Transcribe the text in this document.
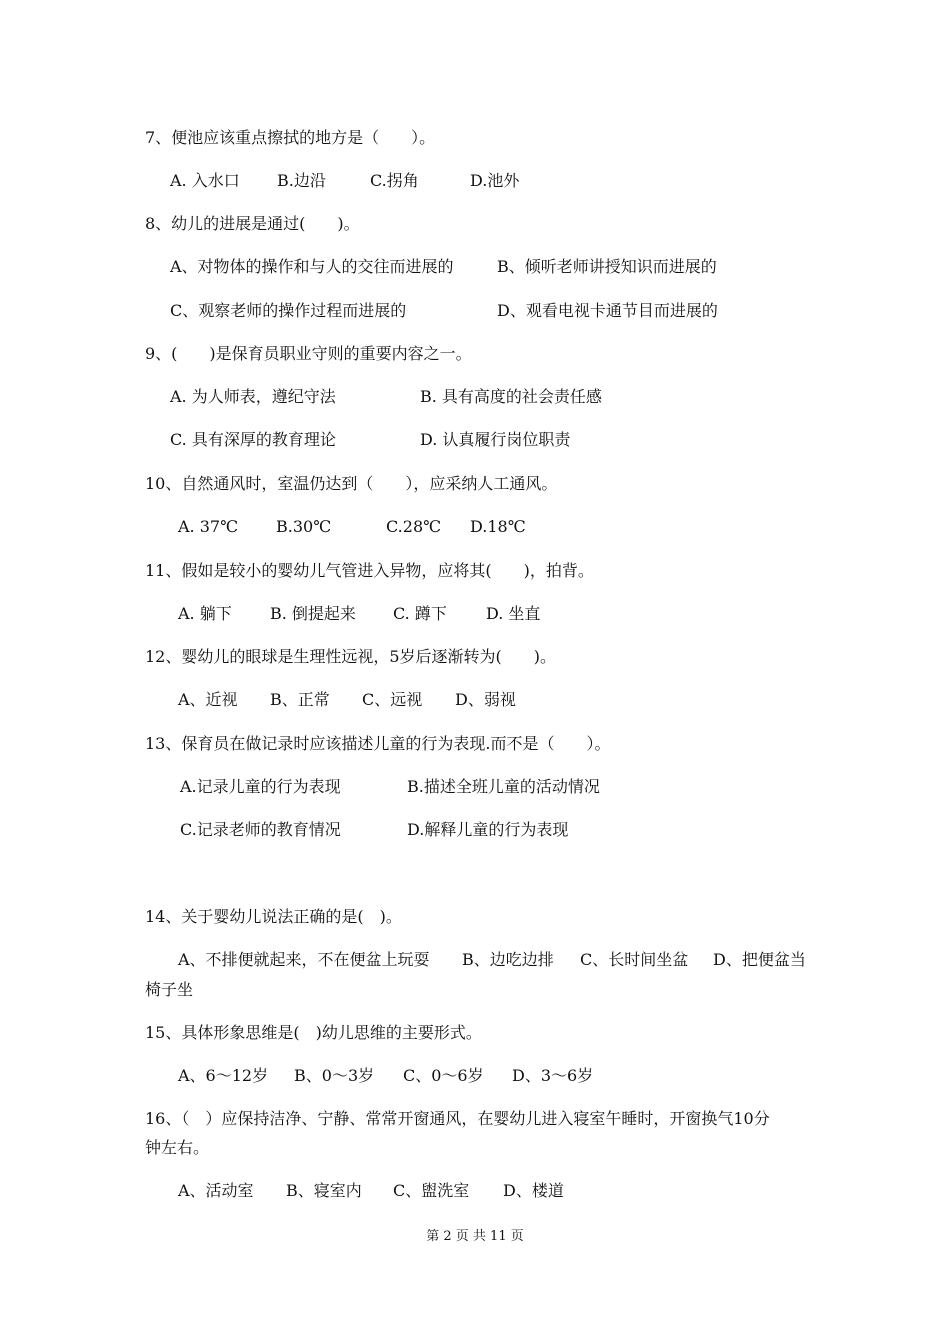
7、便池应该重点擦拭的地方是（　　）。
A. 入水口 B.边沿	C.拐角	D.池外
8、幼儿的进展是通过(　　)。
A、对物体的操作和与人的交往而进展的	B、倾听老师讲授知识而进展的
C、观察老师的操作过程而进展的	D、观看电视卡通节目而进展的
9、(　　)是保育员职业守则的重要内容之一。
A. 为人师表，遵纪守法	B. 具有高度的社会责任感
C. 具有深厚的教育理论	D. 认真履行岗位职责
10、自然通风时，室温仍达到（　　），应采纳人工通风。
A. 37℃ B.30℃	C.28℃ D.18℃
11、假如是较小的婴幼儿气管进入异物，应将其(　　)，拍背。
A. 躺下 B. 倒提起来 C. 蹲下 D. 坐直
12、婴幼儿的眼球是生理性远视，5岁后逐渐转为(　　)。
A、近视 B、正常 C、远视 D、弱视
13、保育员在做记录时应该描述儿童的行为表现.而不是（　　）。
A.记录儿童的行为表现	B.描述全班儿童的活动情况
C.记录老师的教育情况	D.解释儿童的行为表现
14、关于婴幼儿说法正确的是(　)。
A、不排便就起来，不在便盆上玩耍 B、边吃边排 C、长时间坐盆 D、把便盆当
椅子坐
15、具体形象思维是(　)幼儿思维的主要形式。
A、6～12岁 B、0～3岁 C、0～6岁 D、3～6岁
16、（　）应保持洁净、宁静、常常开窗通风，在婴幼儿进入寝室午睡时，开窗换气10分
钟左右。
A、活动室 B、寝室内 C、盥洗室 D、楼道
第 2 页 共 11 页
